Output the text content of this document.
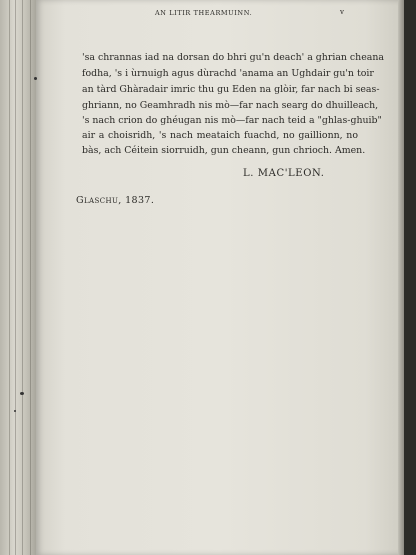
AN LITIR THEARMUINN.	v
'sa chrannas iad na dorsan do bhri gu'n deach' a ghrian cheana
fodha, 's i ùrnuigh agus dùrachd 'anama an Ughdair gu'n toir
an tàrd Ghàradair imric thu gu Eden na glòir, far nach bi seas-
ghriann, no Geamhradh nis mò—far nach searg do dhuilleach,
's nach crion do ghéugan nis mò—far nach teid a "ghlas-ghuib"
air a choisridh, 's nach meataich fuachd, no gaillionn, no
bàs, ach Céitein siorruidh, gun cheann, gun chrioch. Amen.
L. MAC'LEON.
Glaschu, 1837.
